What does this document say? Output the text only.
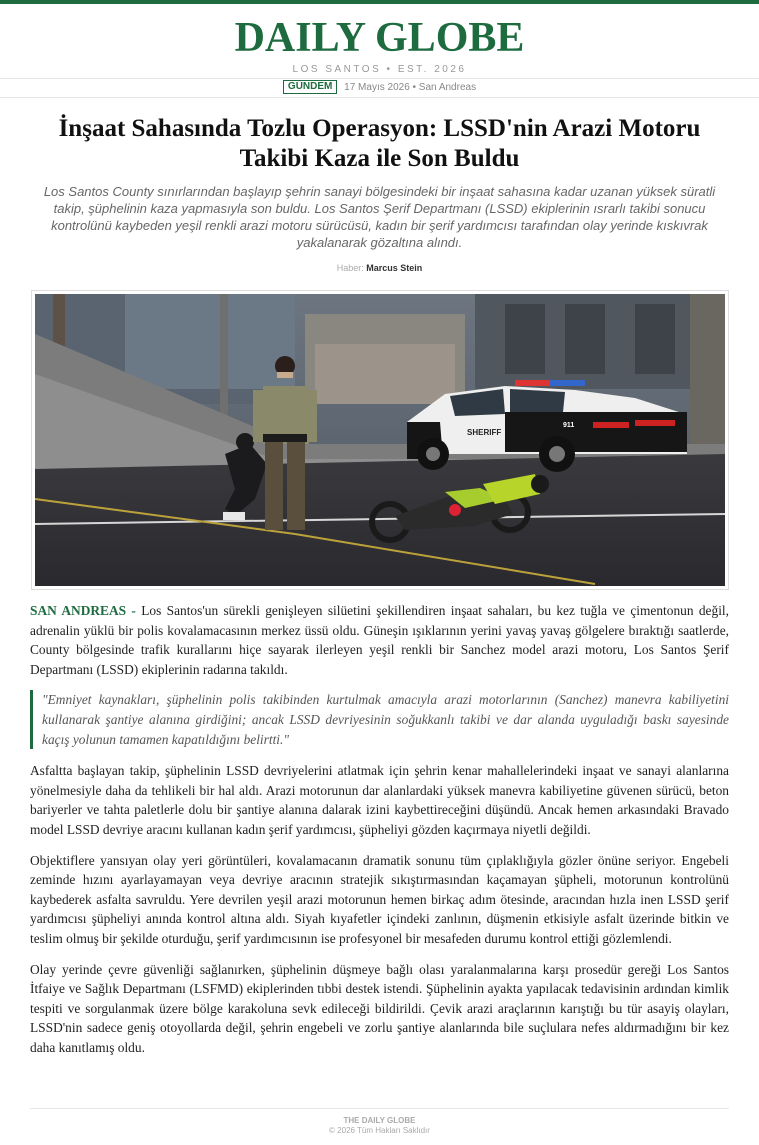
DAILY GLOBE
LOS SANTOS • EST. 2026
GÜNDEM 17 Mayıs 2026 • San Andreas
İnşaat Sahasında Tozlu Operasyon: LSSD'nin Arazi Motoru Takibi Kaza ile Son Buldu

Los Santos County sınırlarından başlayıp şehrin sanayi bölgesindeki bir inşaat sahasına kadar uzanan yüksek süratli takip, şüphelinin kaza yapmasıyla son buldu. Los Santos Şerif Departmanı (LSSD) ekiplerinin ısrarlı takibi sonucu kontrolünü kaybeden yeşil renkli arazi motoru sürücüsü, kadın bir şerif yardımcısı tarafından olay yerinde kıskıvrak yakalanarak gözaltına alındı.

Haber: Marcus Stein
SHERIFF
911

SAN ANDREAS - Los Santos'un sürekli genişleyen silüetini şekillendiren inşaat sahaları, bu kez tuğla ve çimentonun değil, adrenalin yüklü bir polis kovalamacasının merkez üssü oldu. Güneşin ışıklarının yerini yavaş yavaş gölgelere bıraktığı saatlerde, County bölgesinde trafik kurallarını hiçe sayarak ilerleyen yeşil renkli bir Sanchez model arazi motoru, Los Santos Şerif Departmanı (LSSD) ekiplerinin radarına takıldı.

"Emniyet kaynakları, şüphelinin polis takibinden kurtulmak amacıyla arazi motorlarının (Sanchez) manevra kabiliyetini kullanarak şantiye alanına girdiğini; ancak LSSD devriyesinin soğukkanlı takibi ve dar alanda uyguladığı baskı sayesinde kaçış yolunun tamamen kapatıldığını belirtti."

Asfaltta başlayan takip, şüphelinin LSSD devriyelerini atlatmak için şehrin kenar mahallelerindeki inşaat ve sanayi alanlarına yönelmesiyle daha da tehlikeli bir hal aldı. Arazi motorunun dar alanlardaki yüksek manevra kabiliyetine güvenen sürücü, beton bariyerler ve tahta paletlerle dolu bir şantiye alanına dalarak izini kaybettireceğini düşündü. Ancak hemen arkasındaki Bravado model LSSD devriye aracını kullanan kadın şerif yardımcısı, şüpheliyi gözden kaçırmaya niyetli değildi.

Objektiflere yansıyan olay yeri görüntüleri, kovalamacanın dramatik sonunu tüm çıplaklığıyla gözler önüne seriyor. Engebeli zeminde hızını ayarlayamayan veya devriye aracının stratejik sıkıştırmasından kaçamayan şüpheli, motorunun kontrolünü kaybederek asfalta savruldu. Yere devrilen yeşil arazi motorunun hemen birkaç adım ötesinde, aracından hızla inen LSSD şerif yardımcısı şüpheliyi anında kontrol altına aldı. Siyah kıyafetler içindeki zanlının, düşmenin etkisiyle asfalt üzerinde bitkin ve teslim olmuş bir şekilde oturduğu, şerif yardımcısının ise profesyonel bir mesafeden durumu kontrol ettiği gözlemlendi.

Olay yerinde çevre güvenliği sağlanırken, şüphelinin düşmeye bağlı olası yaralanmalarına karşı prosedür gereği Los Santos İtfaiye ve Sağlık Departmanı (LSFMD) ekiplerinden tıbbi destek istendi. Şüphelinin ayakta yapılacak tedavisinin ardından kimlik tespiti ve sorgulanmak üzere bölge karakoluna sevk edileceği bildirildi. Çevik arazi araçlarının karıştığı bu tür asayiş olayları, LSSD'nin sadece geniş otoyollarda değil, şehrin engebeli ve zorlu şantiye alanlarında bile suçlulara nefes aldırmadığını bir kez daha kanıtlamış oldu.

THE DAILY GLOBE
© 2026 Tüm Hakları Saklıdır
